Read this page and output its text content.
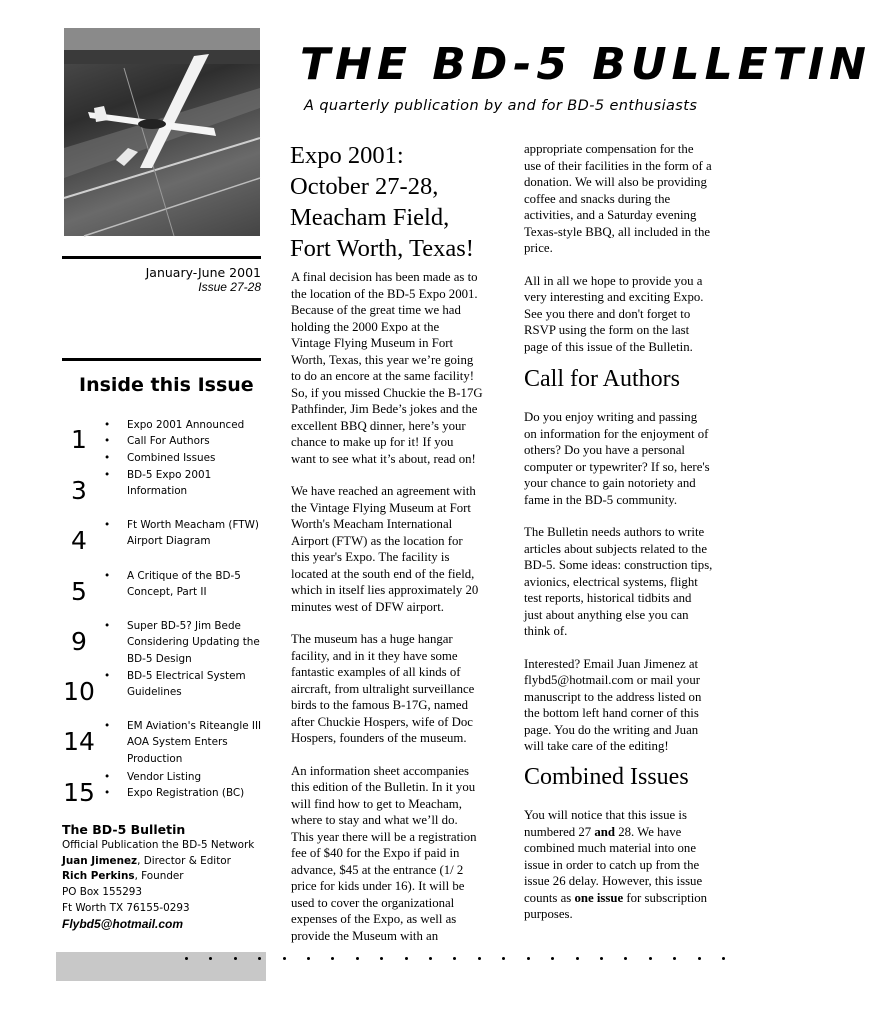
THE BD-5 BULLETIN
A quarterly publication by and for BD-5 enthusiasts
January-June 2001
Issue 27-28
Inside this Issue
1	• Expo 2001 Announced
• Call For Authors
• Combined Issues
3
• BD-5 Expo 2001
Information
4
• Ft Worth Meacham (FTW)
Airport Diagram
5
• A Critique of the BD-5
Concept, Part II
9
• Super BD-5? Jim Bede
Considering Updating the
BD-5 Design
10
• BD-5 Electrical System
Guidelines
14
• EM Aviation's Riteangle III
AOA System Enters
Production
15
• Vendor Listing
• Expo Registration (BC)
The BD-5 Bulletin
Official Publication the BD-5 Network
Juan Jimenez, Director & Editor
Rich Perkins, Founder
PO Box 155293
Ft Worth TX 76155-0293
Flybd5@hotmail.com
Expo 2001:
October 27-28,
Meacham Field,
Fort Worth, Texas!

A final decision has been made as to
the location of the BD-5 Expo 2001.
Because of the great time we had
holding the 2000 Expo at the
Vintage Flying Museum in Fort
Worth, Texas, this year we’re going
to do an encore at the same facility!
So, if you missed Chuckie the B-17G
Pathfinder, Jim Bede’s jokes and the
excellent BBQ dinner, here’s your
chance to make up for it! If you
want to see what it’s about, read on!

We have reached an agreement with
the Vintage Flying Museum at Fort
Worth's Meacham International
Airport (FTW) as the location for
this year's Expo. The facility is
located at the south end of the field,
which in itself lies approximately 20
minutes west of DFW airport.

The museum has a huge hangar
facility, and in it they have some
fantastic examples of all kinds of
aircraft, from ultralight surveillance
birds to the famous B-17G, named
after Chuckie Hospers, wife of Doc
Hospers, founders of the museum.

An information sheet accompanies
this edition of the Bulletin. In it you
will find how to get to Meacham,
where to stay and what we’ll do.
This year there will be a registration
fee of $40 for the Expo if paid in
advance, $45 at the entrance (1/ 2
price for kids under 16). It will be
used to cover the organizational
expenses of the Expo, as well as
provide the Museum with an

appropriate compensation for the
use of their facilities in the form of a
donation. We will also be providing
coffee and snacks during the
activities, and a Saturday evening
Texas-style BBQ, all included in the
price.

All in all we hope to provide you a
very interesting and exciting Expo.
See you there and don't forget to
RSVP using the form on the last
page of this issue of the Bulletin.

Call for Authors

Do you enjoy writing and passing
on information for the enjoyment of
others? Do you have a personal
computer or typewriter? If so, here's
your chance to gain notoriety and
fame in the BD-5 community.

The Bulletin needs authors to write
articles about subjects related to the
BD-5. Some ideas: construction tips,
avionics, electrical systems, flight
test reports, historical tidbits and
just about anything else you can
think of.

Interested? Email Juan Jimenez at
flybd5@hotmail.com or mail your
manuscript to the address listed on
the bottom left hand corner of this
page. You do the writing and Juan
will take care of the editing!

Combined Issues
You will notice that this issue is
numbered 27 and 28. We have
combined much material into one
issue in order to catch up from the
issue 26 delay. However, this issue
counts as one issue for subscription
purposes.
